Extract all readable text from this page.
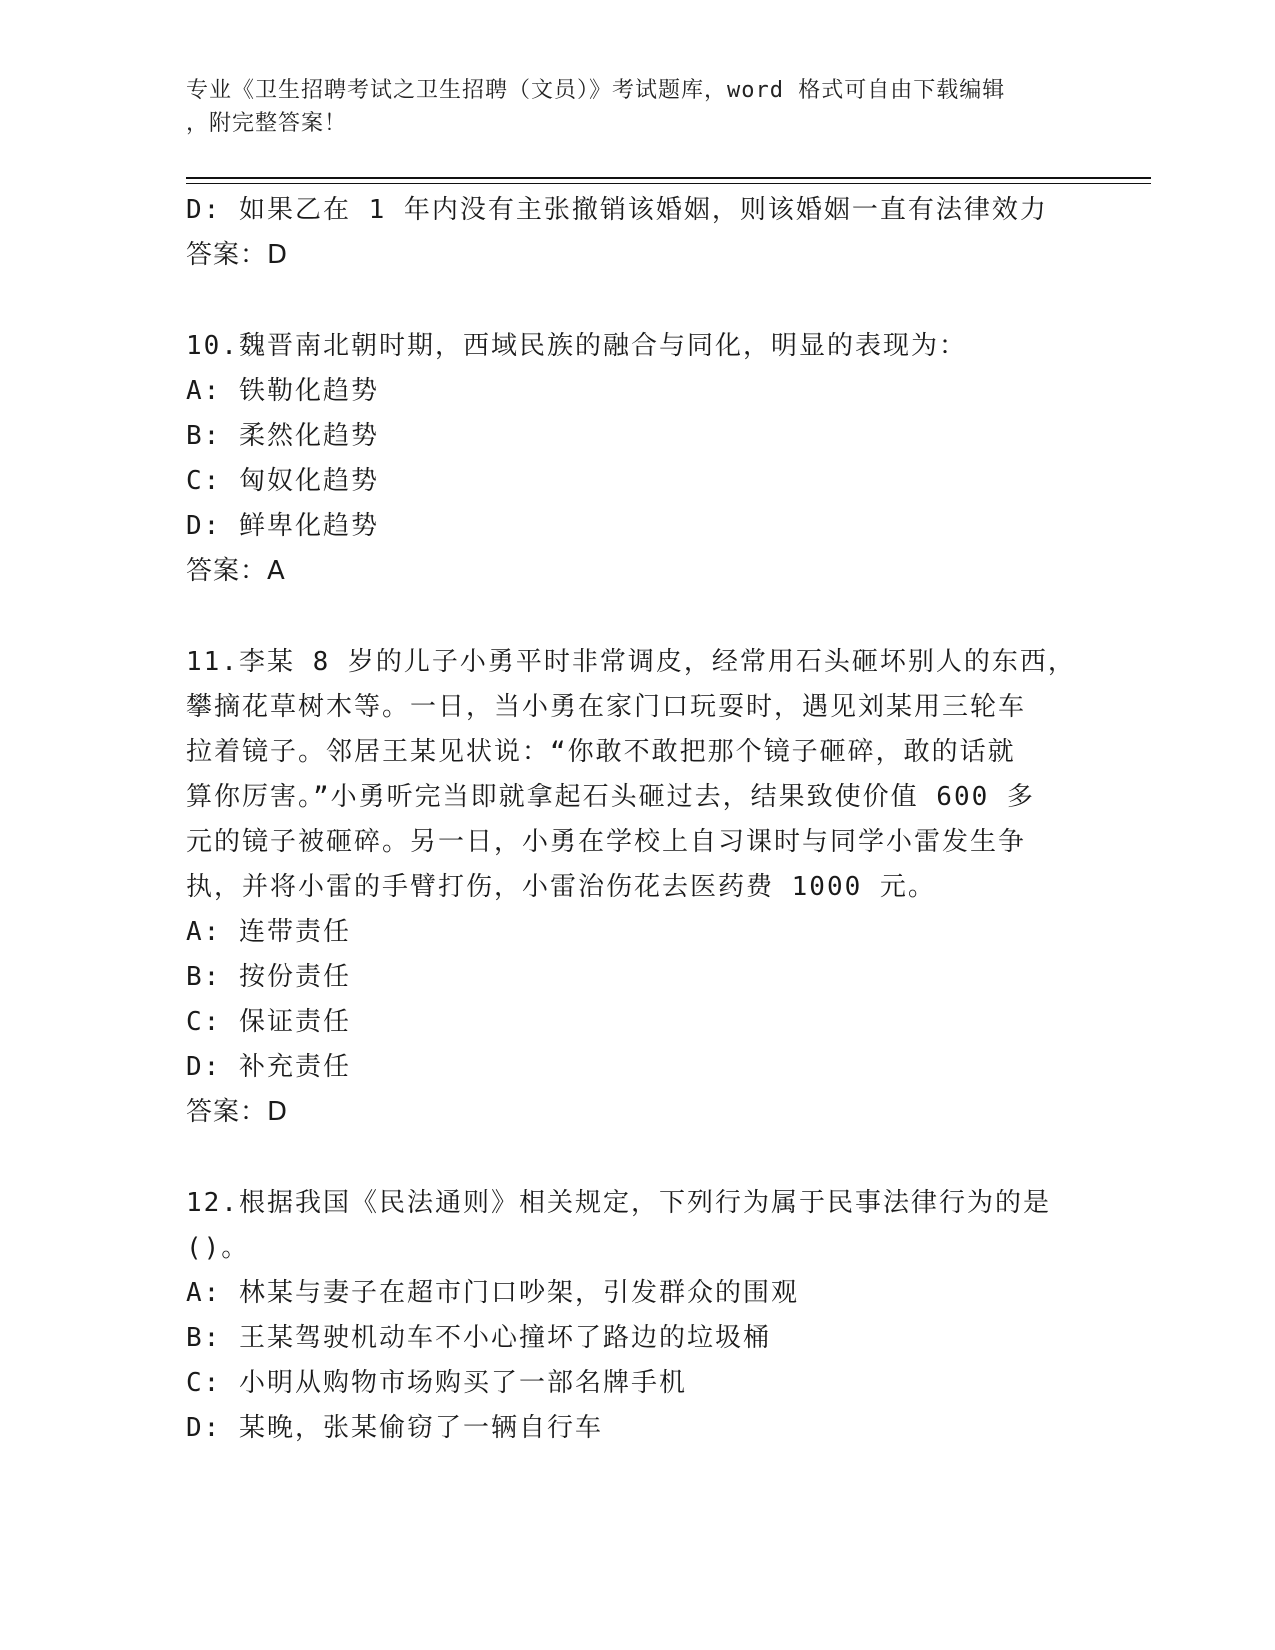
专业《卫生招聘考试之卫生招聘（文员）》考试题库，word 格式可自由下载编辑
，附完整答案！
D: 如果乙在 1 年内没有主张撤销该婚姻，则该婚姻一直有法律效力
答案：D
10.魏晋南北朝时期，西域民族的融合与同化，明显的表现为：
A: 铁勒化趋势
B: 柔然化趋势
C: 匈奴化趋势
D: 鲜卑化趋势
答案：A
11.李某 8 岁的儿子小勇平时非常调皮，经常用石头砸坏别人的东西，
攀摘花草树木等。一日，当小勇在家门口玩耍时，遇见刘某用三轮车
拉着镜子。邻居王某见状说：“你敢不敢把那个镜子砸碎，敢的话就
算你厉害。”小勇听完当即就拿起石头砸过去，结果致使价值 600 多
元的镜子被砸碎。另一日，小勇在学校上自习课时与同学小雷发生争
执，并将小雷的手臂打伤，小雷治伤花去医药费 1000 元。
A: 连带责任
B: 按份责任
C: 保证责任
D: 补充责任
答案：D
12.根据我国《民法通则》相关规定，下列行为属于民事法律行为的是
()。
A: 林某与妻子在超市门口吵架，引发群众的围观
B: 王某驾驶机动车不小心撞坏了路边的垃圾桶
C: 小明从购物市场购买了一部名牌手机
D: 某晚，张某偷窃了一辆自行车
